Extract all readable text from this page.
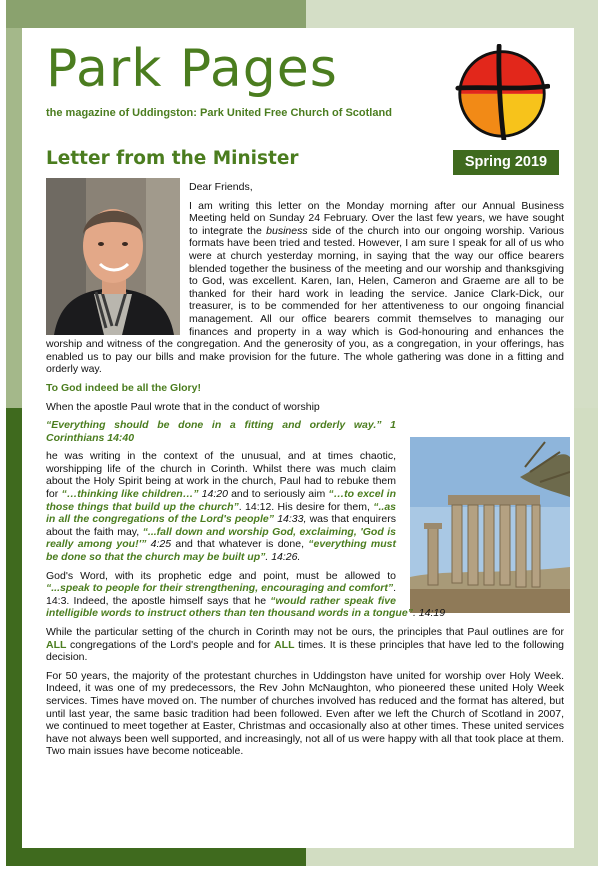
Park Pages
the magazine of Uddingston: Park United Free Church of Scotland
Letter from the Minister	Spring 2019

Dear Friends,

I am writing this letter on the Monday morning after our Annual Business Meeting held on Sunday 24 February. Over the last few years, we have sought to integrate the business side of the church into our ongoing worship. Various formats have been tried and tested. However, I am sure I speak for all of us who were at church yesterday morning, in saying that the way our office bearers blended together the business of the meeting and our worship and thanksgiving to God, was excellent. Karen, Ian, Helen, Cameron and Graeme are all to be thanked for their hard work in leading the service. Janice Clark-Dick, our treasurer, is to be commended for her attentiveness to our ongoing financial management. All our office bearers commit themselves to managing our finances and property in a way which is God-honouring and enhances the worship and witness of the congregation. And the generosity of you, as a congregation, in your offerings, has enabled us to pay our bills and make provision for the future. The whole gathering was done in a fitting and orderly way.

To God indeed be all the Glory!

When the apostle Paul wrote that in the conduct of worship

“Everything should be done in a fitting and orderly way.” 1 Corinthians 14:40

he was writing in the context of the unusual, and at times chaotic, worshipping life of the church in Corinth. Whilst there was much claim about the Holy Spirit being at work in the church, Paul had to rebuke them for “…thinking like children…” 14:20 and to seriously aim “…to excel in those things that build up the church”. 14:12. His desire for them, “..as in all the congregations of the Lord's people” 14:33, was that enquirers about the faith may, “...fall down and worship God, exclaiming, 'God is really among you!'” 4:25 and that whatever is done, “everything must be done so that the church may be built up”. 14:26.

God's Word, with its prophetic edge and point, must be allowed to “...speak to people for their strengthening, encouraging and comfort”. 14:3. Indeed, the apostle himself says that he “would rather speak five intelligible words to instruct others than ten thousand words in a tongue”. 14:19

While the particular setting of the church in Corinth may not be ours, the principles that Paul outlines are for ALL congregations of the Lord's people and for ALL times. It is these principles that have led to the following decision.

For 50 years, the majority of the protestant churches in Uddingston have united for worship over Holy Week. Indeed, it was one of my predecessors, the Rev John McNaughton, who pioneered these united Holy Week services. Times have moved on. The number of churches involved has reduced and the format has altered, but until last year, the same basic tradition had been followed. Even after we left the Church of Scotland in 2007, we continued to meet together at Easter, Christmas and occasionally also at other times. These united services have not always been well supported, and increasingly, not all of us were happy with all that took place at them. Two main issues have become noticeable.
